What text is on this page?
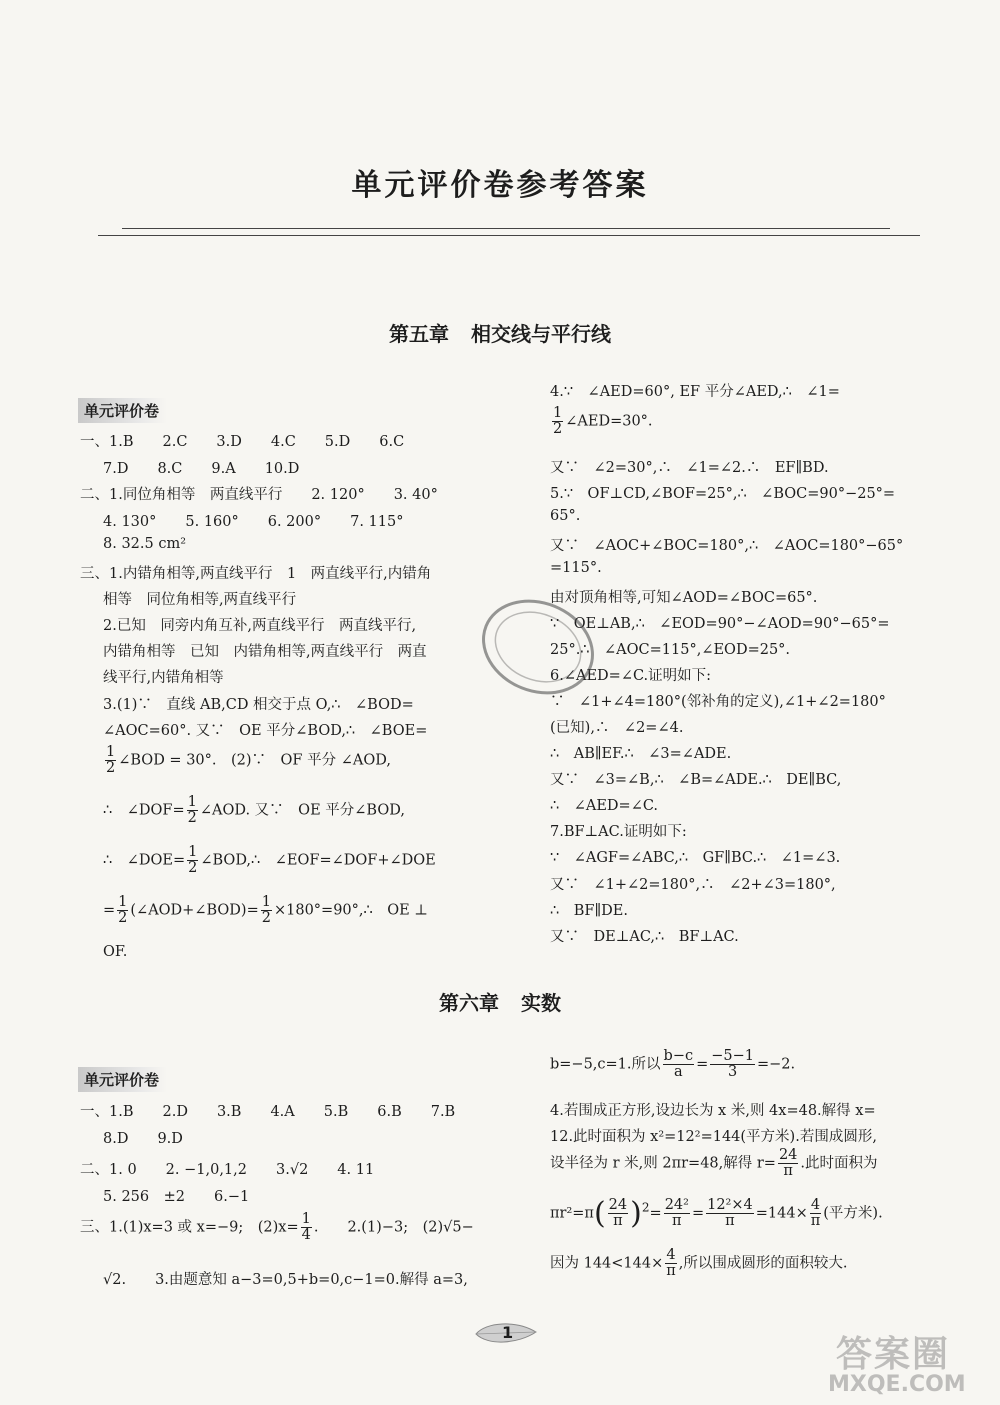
单元评价卷参考答案
第五章 相交线与平行线
单元评价卷
一、1.B　　2.C　　3.D　　4.C　　5.D　　6.C
7.D　　8.C　　9.A　　10.D
二、1.同位角相等　两直线平行　　2. 120°　　3. 40°
4. 130°　　5. 160°　　6. 200°　　7. 115°
8. 32.5 cm²
三、1.内错角相等,两直线平行　1　两直线平行,内错角
相等　同位角相等,两直线平行
2.已知　同旁内角互补,两直线平行　两直线平行,
内错角相等　已知　内错角相等,两直线平行　两直
线平行,内错角相等
3.(1)∵　直线 AB,CD 相交于点 O,∴　∠BOD=
∠AOC=60°. 又∵　OE 平分∠BOD,∴　∠BOE=
$\frac{1}{2}$ ∠BOD = 30°.　(2)∵　OF 平分 ∠AOD,
∴　∠DOF= $\frac{1}{2}$ ∠AOD. 又∵　OE 平分∠BOD,
∴　∠DOE= $\frac{1}{2}$ ∠BOD,∴　∠EOF=∠DOF+∠DOE
= $\frac{1}{2}$ (∠AOD+∠BOD)= $\frac{1}{2}$ ×180°=90°,∴　OE ⊥
OF.
4.∵　∠AED=60°, EF 平分∠AED,∴　∠1=
$\frac{1}{2}$ ∠AED=30°.
又∵　∠2=30°,∴　∠1=∠2.∴　EF∥BD.
5.∵　OF⊥CD,∠BOF=25°,∴　∠BOC=90°−25°=
65°.
又∵　∠AOC+∠BOC=180°,∴　∠AOC=180°−65°
=115°.
由对顶角相等,可知∠AOD=∠BOC=65°.
∵　OE⊥AB,∴　∠EOD=90°−∠AOD=90°−65°=
25°.∴　∠AOC=115°,∠EOD=25°.
6.∠AED=∠C.证明如下:
∵　∠1+∠4=180°(邻补角的定义),∠1+∠2=180°
(已知),∴　∠2=∠4.
∴　AB∥EF.∴　∠3=∠ADE.
又∵　∠3=∠B,∴　∠B=∠ADE.∴　DE∥BC,
∴　∠AED=∠C.
7.BF⊥AC.证明如下:
∵　∠AGF=∠ABC,∴　GF∥BC.∴　∠1=∠3.
又∵　∠1+∠2=180°,∴　∠2+∠3=180°,
∴　BF∥DE.
又∵　DE⊥AC,∴　BF⊥AC.
第六章 实数
单元评价卷
一、1.B　　2.D　　3.B　　4.A　　5.B　　6.B　　7.B
8.D　　9.D
二、1. 0　　2. −1,0,1,2　　3.√2　　4. 11
5. 256　±2　　6.−1
三、1.(1)x=3 或 x=−9;　$(2)x= \frac{1}{4}$ .　　2.(1)−3;　(2)√5−
√2.　　3.由题意知 a−3=0,5+b=0,c−1=0.解得 a=3,
b=−5,c=1.所以 $\frac{b-c}{a} = \frac{-5-1}{3} =-2$.
4.若围成正方形,设边长为 x 米,则 4x=48.解得 x=
12.此时面积为 x²=12²=144(平方米).若围成圆形,
设半径为 r 米,则 2πr=48,解得 $r= \frac{24}{\pi}$ .此时面积为
$\pi r^2=\pi( \frac{24}{\pi} )^2= \frac{\text{24²}}{\pi} = \frac{\text{12²×4}}{\pi} =144\times \frac{4}{\pi}$ (平方米).
因为 $144<144\times \frac{4}{\pi}$ ,所以围成圆形的面积较大.
1
答案圈
MXQE.COM
